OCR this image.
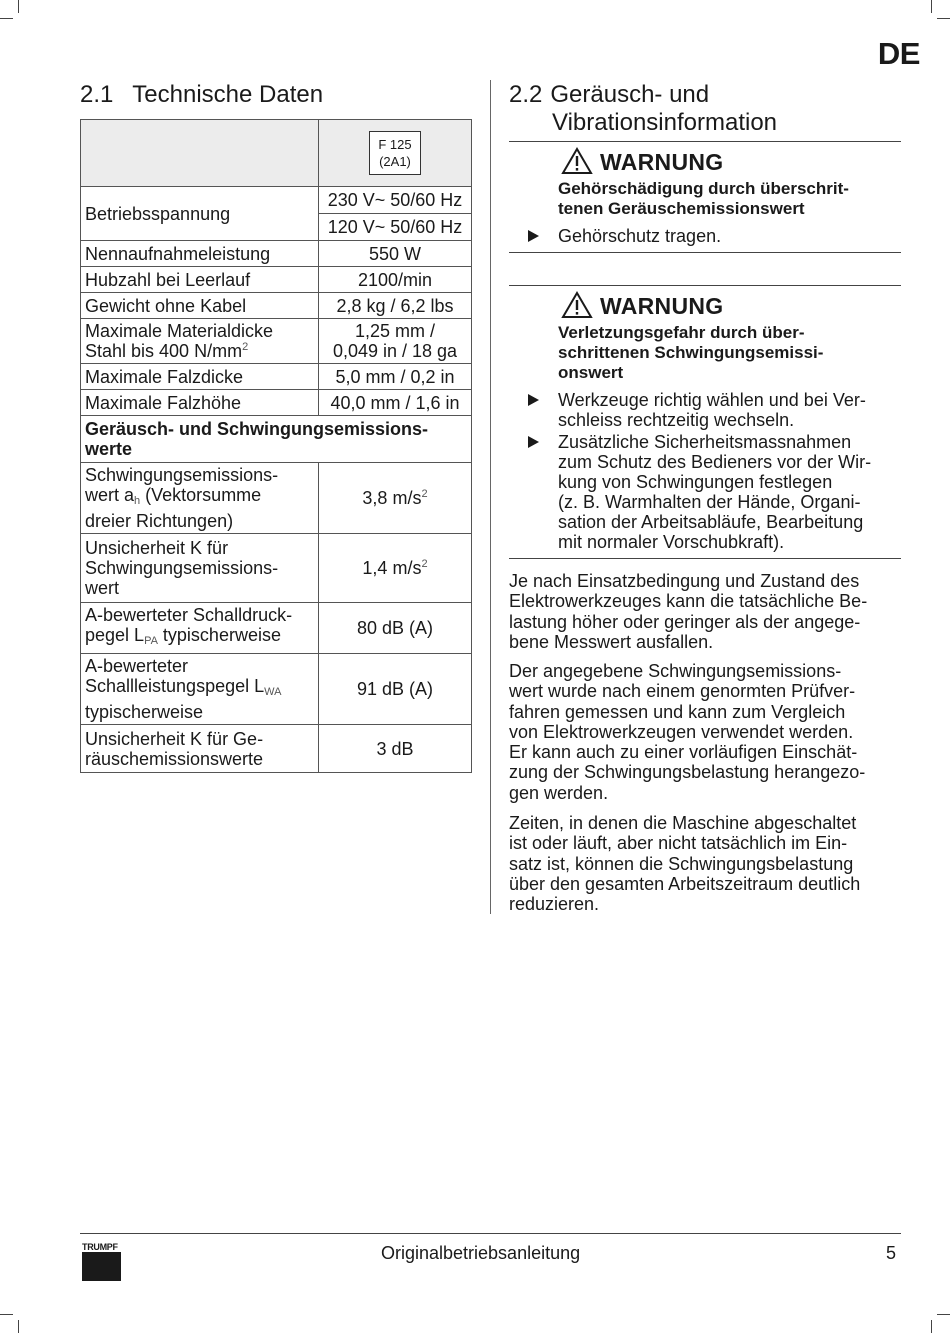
DE
2.1 Technische Daten

	F 125
(2A1)

Betriebsspannung	230 V~ 50/60 Hz
	120 V~ 50/60 Hz
Nennaufnahmeleistung	550 W
Hubzahl bei Leerlauf	2100/min
Gewicht ohne Kabel	2,8 kg / 6,2 lbs

Maximale Materialdicke
Stahl bis 400 $N/mm^2$	1,25 mm /
0,049 in / 18 ga

Maximale Falzdicke	5,0 mm / 0,2 in
Maximale Falzhöhe	40,0 mm / 1,6 in

Geräusch- und Schwingungsemissions-
werte	

Schwingungsemissions-
wert $a_h$ (Vektorsumme
dreier Richtungen)	3,8 $m/s^2$

Unsicherheit K für
Schwingungsemissions-
wert	1,4 $m/s^2$

A-bewerteter Schalldruck-
pegel $L_{PA}$ typischerweise	80 dB (A)

A-bewerteter
Schallleistungspegel $L_{WA}$
typischerweise	91 dB (A)

Unsicherheit K für Ge-
räuschemissionswerte	3 dB
2.2 Geräusch- und
Vibrationsinformation
WARNUNG
Gehörschädigung durch überschrit-
tenen Geräuschemissionswert
Gehörschutz tragen.
WARNUNG
Verletzungsgefahr durch über-
schrittenen Schwingungsemissi-
onswert
Werkzeuge richtig wählen und bei Ver-
schleiss rechtzeitig wechseln.
Zusätzliche Sicherheitsmassnahmen
zum Schutz des Bedieners vor der Wir-
kung von Schwingungen festlegen
(z. B. Warmhalten der Hände, Organi-
sation der Arbeitsabläufe, Bearbeitung
mit normaler Vorschubkraft).
Je nach Einsatzbedingung und Zustand des
Elektrowerkzeuges kann die tatsächliche Be-
lastung höher oder geringer als der angege-
bene Messwert ausfallen.
Der angegebene Schwingungsemissions-
wert wurde nach einem genormten Prüfver-
fahren gemessen und kann zum Vergleich
von Elektrowerkzeugen verwendet werden.
Er kann auch zu einer vorläufigen Einschät-
zung der Schwingungsbelastung herangezo-
gen werden.
Zeiten, in denen die Maschine abgeschaltet
ist oder läuft, aber nicht tatsächlich im Ein-
satz ist, können die Schwingungsbelastung
über den gesamten Arbeitszeitraum deutlich
reduzieren.
TRUMPF	Originalbetriebsanleitung	5
